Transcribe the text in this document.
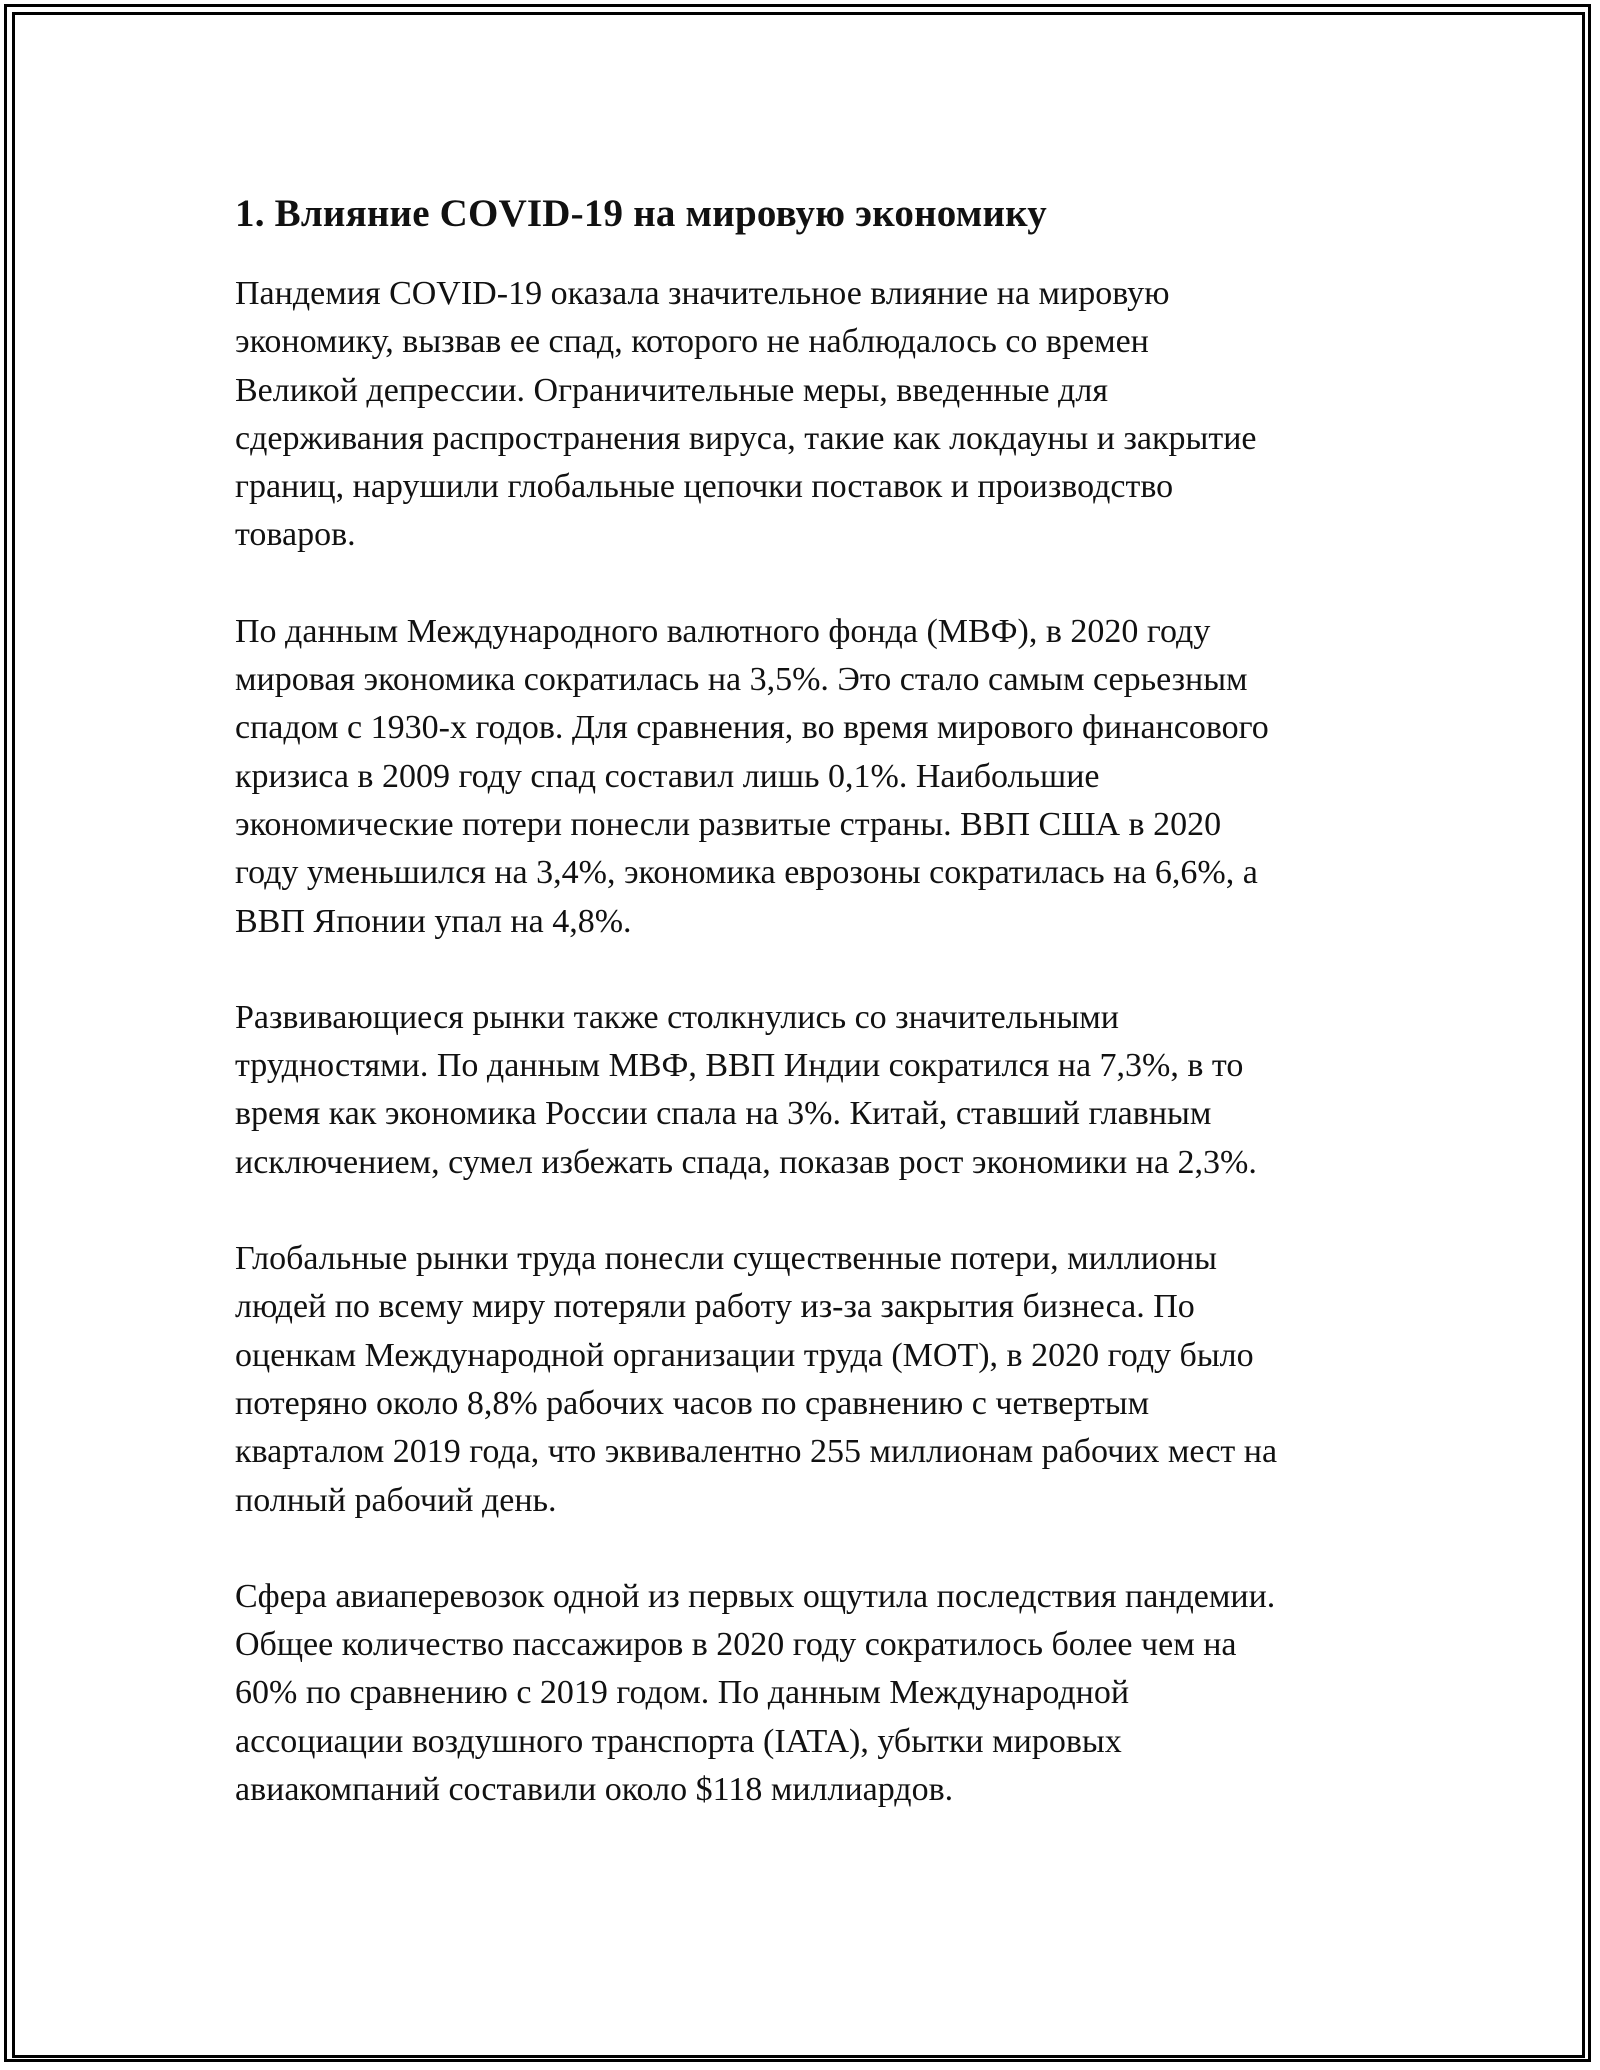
1. Влияние COVID-19 на мировую экономику

Пандемия COVID-19 оказала значительное влияние на мировую
экономику, вызвав ее спад, которого не наблюдалось со времен
Великой депрессии. Ограничительные меры, введенные для
сдерживания распространения вируса, такие как локдауны и закрытие
границ, нарушили глобальные цепочки поставок и производство
товаров.

По данным Международного валютного фонда (МВФ), в 2020 году
мировая экономика сократилась на 3,5%. Это стало самым серьезным
спадом с 1930-х годов. Для сравнения, во время мирового финансового
кризиса в 2009 году спад составил лишь 0,1%. Наибольшие
экономические потери понесли развитые страны. ВВП США в 2020
году уменьшился на 3,4%, экономика еврозоны сократилась на 6,6%, а
ВВП Японии упал на 4,8%.

Развивающиеся рынки также столкнулись со значительными
трудностями. По данным МВФ, ВВП Индии сократился на 7,3%, в то
время как экономика России спала на 3%. Китай, ставший главным
исключением, сумел избежать спада, показав рост экономики на 2,3%.

Глобальные рынки труда понесли существенные потери, миллионы
людей по всему миру потеряли работу из-за закрытия бизнеса. По
оценкам Международной организации труда (МОТ), в 2020 году было
потеряно около 8,8% рабочих часов по сравнению с четвертым
кварталом 2019 года, что эквивалентно 255 миллионам рабочих мест на
полный рабочий день.

Сфера авиаперевозок одной из первых ощутила последствия пандемии.
Общее количество пассажиров в 2020 году сократилось более чем на
60% по сравнению с 2019 годом. По данным Международной
ассоциации воздушного транспорта (IATA), убытки мировых
авиакомпаний составили около $118 миллиардов.
